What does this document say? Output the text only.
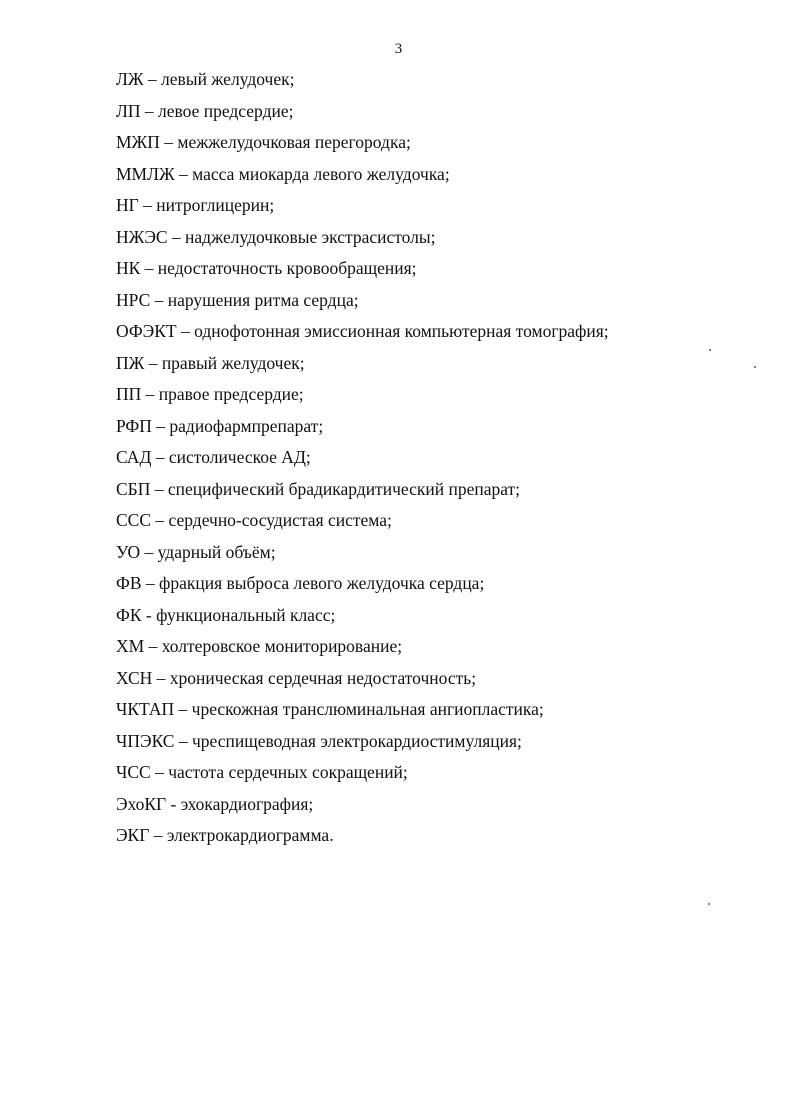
3
ЛЖ – левый желудочек;
ЛП – левое предсердие;
МЖП – межжелудочковая перегородка;
ММЛЖ – масса миокарда левого желудочка;
НГ – нитроглицерин;
НЖЭС – наджелудочковые экстрасистолы;
НК – недостаточность кровообращения;
НРС – нарушения ритма сердца;
ОФЭКТ – однофотонная эмиссионная компьютерная томография;
ПЖ – правый желудочек;
ПП – правое предсердие;
РФП – радиофармпрепарат;
САД – систолическое АД;
СБП – специфический брадикардитический препарат;
ССС – сердечно-сосудистая система;
УО – ударный объём;
ФВ – фракция выброса левого желудочка сердца;
ФК - функциональный класс;
ХМ – холтеровское мониторирование;
ХСН – хроническая сердечная недостаточность;
ЧКТАП – чрескожная транслюминальная ангиопластика;
ЧПЭКС – чреспищеводная электрокардиостимуляция;
ЧСС – частота сердечных сокращений;
ЭхоКГ - эхокардиография;
ЭКГ – электрокардиограмма.
